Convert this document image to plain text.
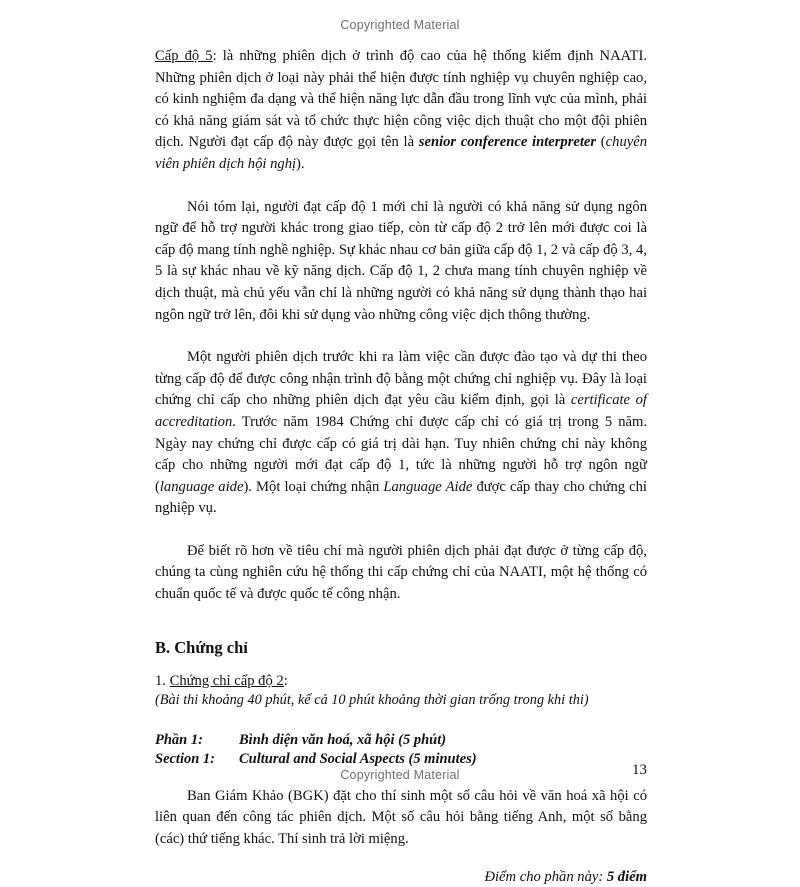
Copyrighted Material

Cấp độ 5: là những phiên dịch ở trình độ cao của hệ thống kiểm định NAATI. Những phiên dịch ở loại này phải thể hiện được tính nghiệp vụ chuyên nghiệp cao, có kinh nghiệm đa dạng và thể hiện năng lực dẫn đầu trong lĩnh vực của mình, phải có khả năng giám sát và tổ chức thực hiện công việc dịch thuật cho một đội phiên dịch. Người đạt cấp độ này được gọi tên là senior conference interpreter (chuyên viên phiên dịch hội nghị).

Nói tóm lại, người đạt cấp độ 1 mới chỉ là người có khả năng sử dụng ngôn ngữ để hỗ trợ người khác trong giao tiếp, còn từ cấp độ 2 trở lên mới được coi là cấp độ mang tính nghề nghiệp. Sự khác nhau cơ bản giữa cấp độ 1, 2 và cấp độ 3, 4, 5 là sự khác nhau về kỹ năng dịch. Cấp độ 1, 2 chưa mang tính chuyên nghiệp về dịch thuật, mà chủ yếu vẫn chỉ là những người có khả năng sử dụng thành thạo hai ngôn ngữ trở lên, đôi khi sử dụng vào những công việc dịch thông thường.

Một người phiên dịch trước khi ra làm việc cần được đào tạo và dự thi theo từng cấp độ để được công nhận trình độ bằng một chứng chỉ nghiệp vụ. Đây là loại chứng chỉ cấp cho những phiên dịch đạt yêu cầu kiểm định, gọi là certificate of accreditation. Trước năm 1984 Chứng chỉ được cấp chỉ có giá trị trong 5 năm. Ngày nay chứng chỉ được cấp có giá trị dài hạn. Tuy nhiên chứng chỉ này không cấp cho những người mới đạt cấp độ 1, tức là những người hỗ trợ ngôn ngữ (language aide). Một loại chứng nhận Language Aide được cấp thay cho chứng chỉ nghiệp vụ.

Để biết rõ hơn về tiêu chí mà người phiên dịch phải đạt được ở từng cấp độ, chúng ta cùng nghiên cứu hệ thống thi cấp chứng chỉ của NAATI, một hệ thống có chuẩn quốc tế và được quốc tế công nhận.

B. Chứng chỉ
1. Chứng chỉ cấp độ 2:
(Bài thi khoảng 40 phút, kể cả 10 phút khoảng thời gian trống trong khi thi)
Phần 1:	Bình diện văn hoá, xã hội (5 phút)
Section 1:	Cultural and Social Aspects (5 minutes)

Ban Giám Khảo (BGK) đặt cho thí sinh một số câu hỏi về văn hoá xã hội có liên quan đến công tác phiên dịch. Một số câu hỏi bằng tiếng Anh, một số bằng (các) thứ tiếng khác. Thí sinh trả lời miệng.

Điểm cho phần này: 5 điểm
13
Copyrighted Material
